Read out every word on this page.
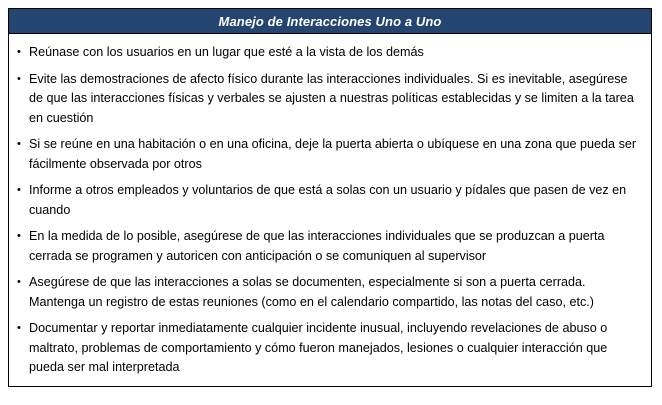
Manejo de Interacciones Uno a Uno
• Reúnase con los usuarios en un lugar que esté a la vista de los demás
• Evite las demostraciones de afecto físico durante las interacciones individuales. Si es inevitable, asegúrese de que las interacciones físicas y verbales se ajusten a nuestras políticas establecidas y se limiten a la tarea en cuestión
• Si se reúne en una habitación o en una oficina, deje la puerta abierta o ubíquese en una zona que pueda ser fácilmente observada por otros
• Informe a otros empleados y voluntarios de que está a solas con un usuario y pídales que pasen de vez en cuando
• En la medida de lo posible, asegúrese de que las interacciones individuales que se produzcan a puerta cerrada se programen y autoricen con anticipación o se comuniquen al supervisor
• Asegúrese de que las interacciones a solas se documenten, especialmente si son a puerta cerrada. Mantenga un registro de estas reuniones (como en el calendario compartido, las notas del caso, etc.)
• Documentar y reportar inmediatamente cualquier incidente inusual, incluyendo revelaciones de abuso o maltrato, problemas de comportamiento y cómo fueron manejados, lesiones o cualquier interacción que pueda ser mal interpretada
